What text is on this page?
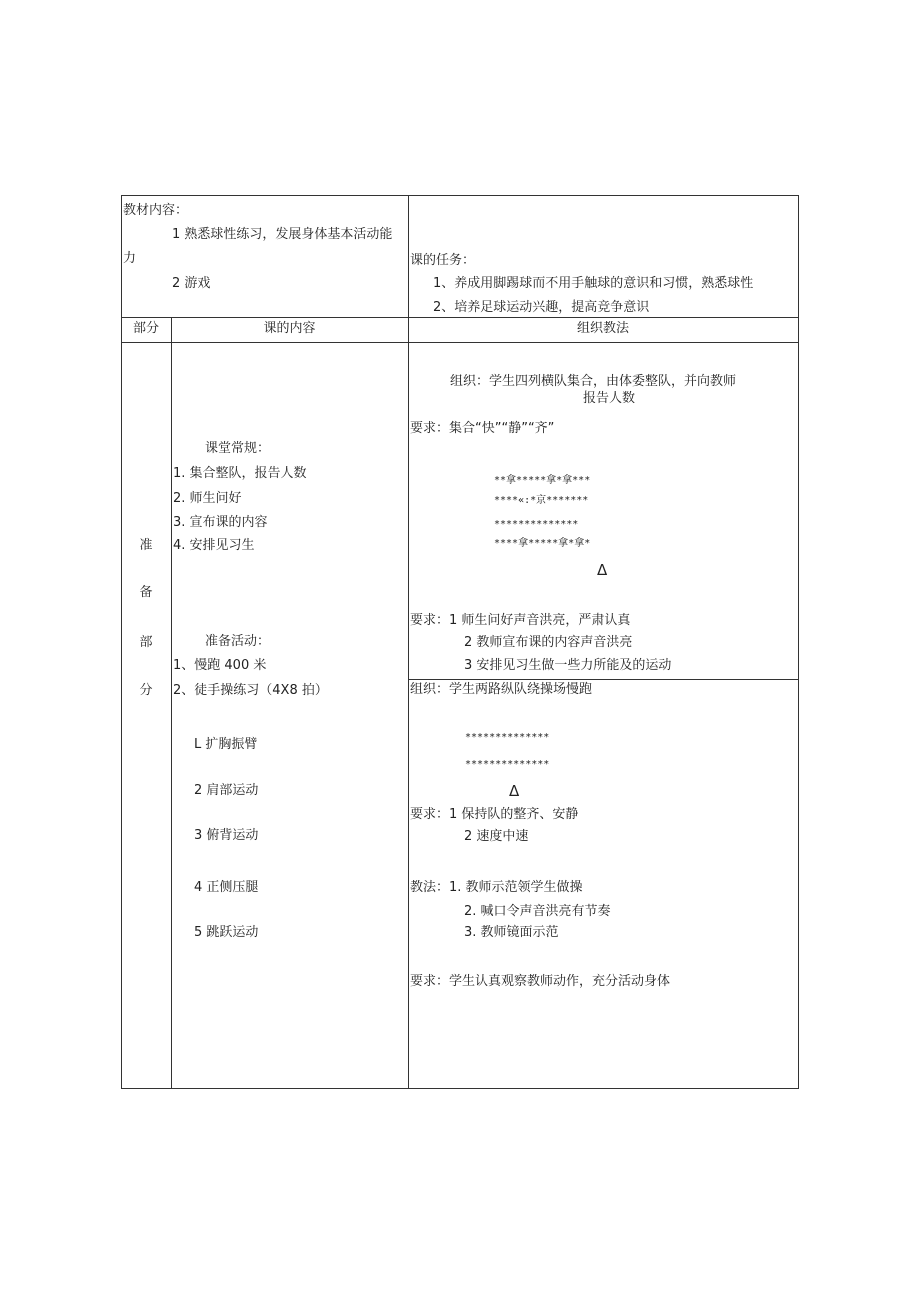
教材内容：
1 熟悉球性练习，发展身体基本活动能
力
2 游戏
课的任务：
1、养成用脚踢球而不用手触球的意识和习惯，熟悉球性
2、培养足球运动兴趣，提高竞争意识
部分	课的内容	组织教法
准
备
部
分
课堂常规：
1. 集合整队，报告人数
2. 师生问好
3. 宣布课的内容
4. 安排见习生
准备活动：
1、慢跑 400 米
2、徒手操练习（4X8 拍）
L 扩胸振臂
2 肩部运动
3 俯背运动
4 正侧压腿
5 跳跃运动
组织：学生四列横队集合，由体委整队，并向教师
报告人数
要求：集合“快”“静”“齐”
**拿*****拿*拿***
****«:*京*******
**************
****拿*****拿*拿*
Δ
要求：1 师生问好声音洪亮，严肃认真
2 教师宣布课的内容声音洪亮
3 安排见习生做一些力所能及的运动
组织：学生两路纵队绕操场慢跑
**************
**************
Δ
要求：1 保持队的整齐、安静
2 速度中速
教法：1. 教师示范领学生做操
2. 喊口令声音洪亮有节奏
3. 教师镜面示范
要求：学生认真观察教师动作，充分活动身体
